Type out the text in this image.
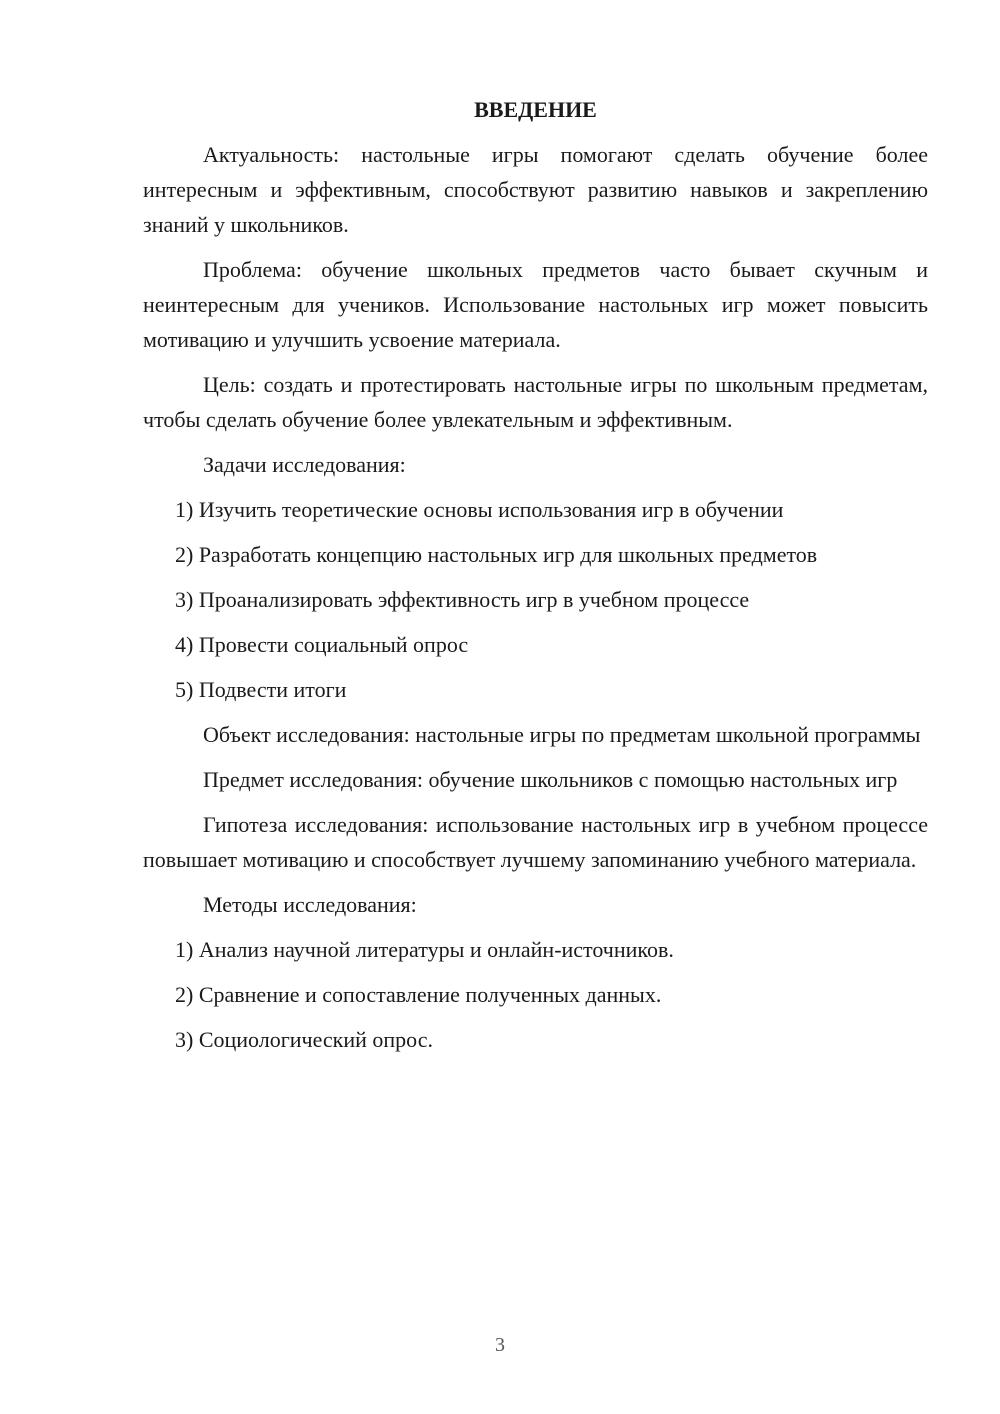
ВВЕДЕНИЕ

Актуальность: настольные игры помогают сделать обучение более интересным и эффективным, способствуют развитию навыков и закреплению знаний у школьников.

Проблема: обучение школьных предметов часто бывает скучным и неинтересным для учеников. Использование настольных игр может повысить мотивацию и улучшить усвоение материала.

Цель: создать и протестировать настольные игры по школьным предметам, чтобы сделать обучение более увлекательным и эффективным.

Задачи исследования:

1) Изучить теоретические основы использования игр в обучении
2) Разработать концепцию настольных игр для школьных предметов
3) Проанализировать эффективность игр в учебном процессе
4) Провести социальный опрос
5) Подвести итоги

Объект исследования: настольные игры по предметам школьной программы

Предмет исследования: обучение школьников с помощью настольных игр

Гипотеза исследования: использование настольных игр в учебном процессе повышает мотивацию и способствует лучшему запоминанию учебного материала.

Методы исследования:

1) Анализ научной литературы и онлайн-источников.
2) Сравнение и сопоставление полученных данных.
3) Социологический опрос.
3
